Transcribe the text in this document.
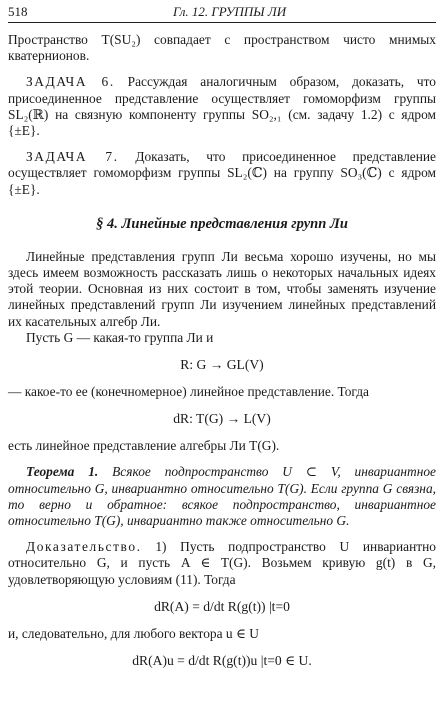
518	Гл. 12. ГРУППЫ ЛИ

Пространство T(SU₂) совпадает с пространством чисто мнимых кватернионов.

ЗАДАЧА 6. Рассуждая аналогичным образом, доказать, что присоединенное представление осуществляет гомоморфизм группы SL₂(ℝ) на связную компоненту группы SO₂,₁ (см. задачу 1.2) с ядром {±E}.

ЗАДАЧА 7. Доказать, что присоединенное представление осуществляет гомоморфизм группы SL₂(ℂ) на группу SO₃(ℂ) с ядром {±E}.

§ 4. Линейные представления групп Ли

Линейные представления групп Ли весьма хорошо изучены, но мы здесь имеем возможность рассказать лишь о некоторых начальных идеях этой теории. Основная из них состоит в том, чтобы заменять изучение линейных представлений групп Ли изучением линейных представлений их касательных алгебр Ли.

Пусть G — какая-то группа Ли и

R: G → GL(V)

— какое-то ее (конечномерное) линейное представление. Тогда

dR: T(G) → L(V)

есть линейное представление алгебры Ли T(G).

Теорема 1. Всякое подпространство U ⊂ V, инвариантное относительно G, инвариантно относительно T(G). Если группа G связна, то верно и обратное: всякое подпространство, инвариантное относительно T(G), инвариантно также относительно G.

Доказательство. 1) Пусть подпространство U инвариантно относительно G, и пусть A ∈ T(G). Возьмем кривую g(t) в G, удовлетворяющую условиям (11). Тогда

dR(A) = d/dt R(g(t)) |t=0

и, следовательно, для любого вектора u ∈ U

dR(A)u = d/dt R(g(t))u |t=0 ∈ U.
